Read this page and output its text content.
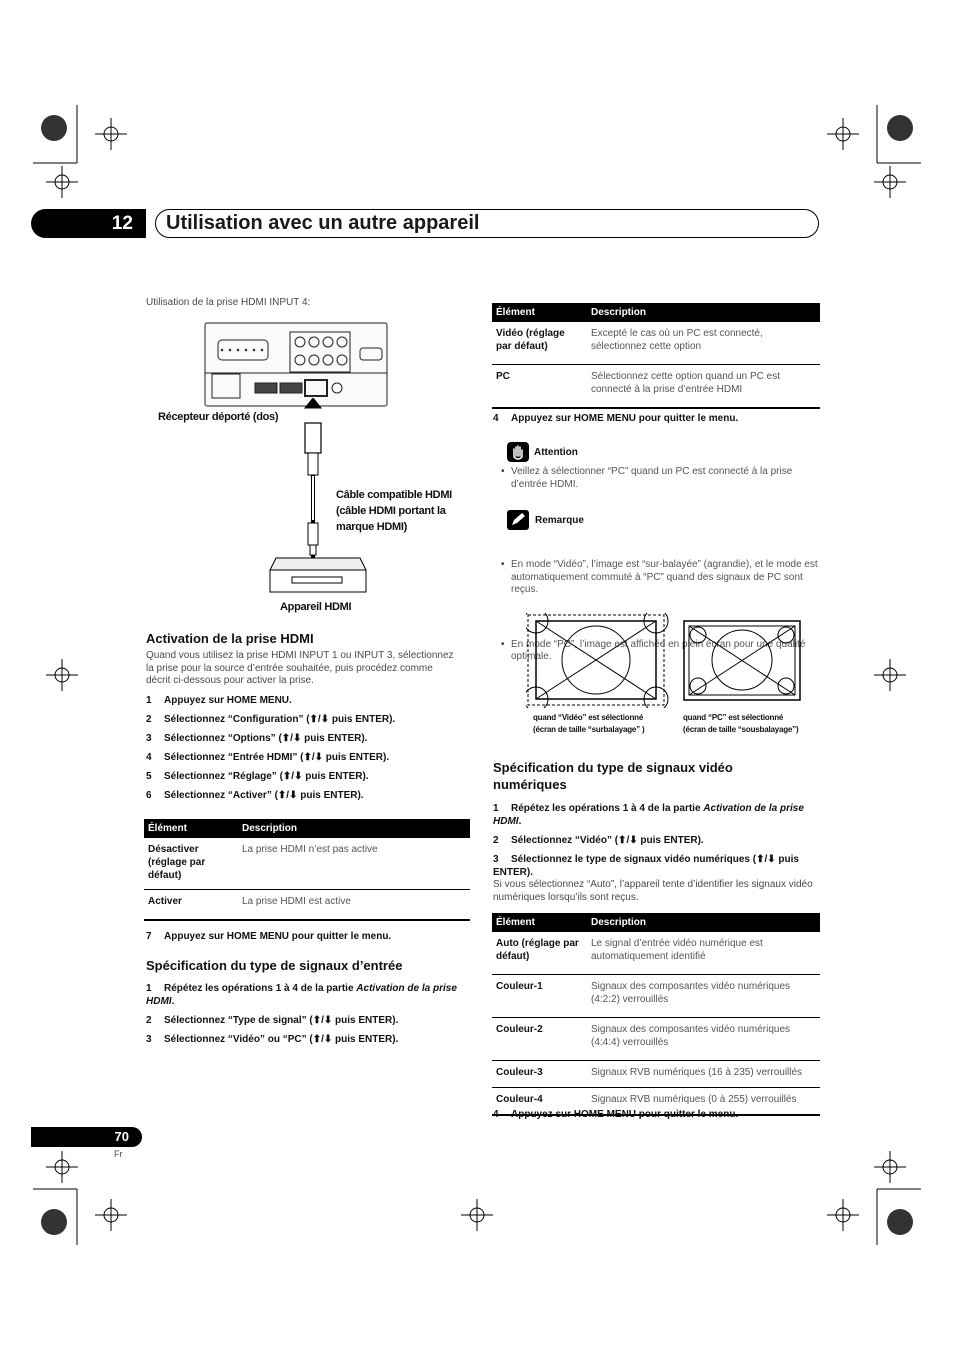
12	Utilisation avec un autre appareil
Utilisation de la prise HDMI INPUT 4:
Récepteur déporté (dos)
Câble compatible HDMI
(câble HDMI portant la
marque HDMI)
Appareil HDMI
Activation de la prise HDMI
Quand vous utilisez la prise HDMI INPUT 1 ou INPUT 3, sélectionnez la prise pour la source d’entrée souhaitée, puis procédez comme décrit ci-dessous pour activer la prise.
1 Appuyez sur HOME MENU.
2 Sélectionnez “Configuration” (⬆/⬇ puis ENTER).
3 Sélectionnez “Options” (⬆/⬇ puis ENTER).
4 Sélectionnez “Entrée HDMI” (⬆/⬇ puis ENTER).
5 Sélectionnez “Réglage” (⬆/⬇ puis ENTER).
6 Sélectionnez “Activer” (⬆/⬇ puis ENTER).
Élément	Description
Désactiver (réglage par défaut)	La prise HDMI n’est pas active
Activer	La prise HDMI est active
7 Appuyez sur HOME MENU pour quitter le menu.
Spécification du type de signaux d’entrée
1 Répétez les opérations 1 à 4 de la partie Activation de la prise HDMI.
2 Sélectionnez “Type de signal” (⬆/⬇ puis ENTER).
3 Sélectionnez “Vidéo” ou “PC” (⬆/⬇ puis ENTER).
Élément	Description
Vidéo (réglage par défaut)	Excepté le cas où un PC est connecté, sélectionnez cette option
PC	Sélectionnez cette option quand un PC est connecté à la prise d’entrée HDMI
4 Appuyez sur HOME MENU pour quitter le menu.
Attention
• Veillez à sélectionner “PC” quand un PC est connecté à la prise d’entrée HDMI.
Remarque
• En mode “Vidéo”, l’image est “sur-balayée” (agrandie), et le mode est automatiquement commuté à “PC” quand des signaux de PC sont reçus.
• En mode “PC”, l’image est affichée en plein écran pour une qualité optimale.
quand “Vidéo” est sélectionné
(écran de taille “surbalayage” )
quand “PC” est sélectionné
(écran de taille “sousbalayage”)
Spécification du type de signaux vidéo numériques
1 Répétez les opérations 1 à 4 de la partie Activation de la prise HDMI.
2 Sélectionnez “Vidéo” (⬆/⬇ puis ENTER).
3 Sélectionnez le type de signaux vidéo numériques (⬆/⬇ puis ENTER).
Si vous sélectionnez “Auto”, l’appareil tente d’identifier les signaux vidéo numériques lorsqu’ils sont reçus.
Élément	Description
Auto (réglage par défaut)	Le signal d’entrée vidéo numérique est automatiquement identifié
Couleur-1	Signaux des composantes vidéo numériques (4:2:2) verrouillés
Couleur-2	Signaux des composantes vidéo numériques (4:4:4) verrouillés
Couleur-3	Signaux RVB numériques (16 à 235) verrouillés
Couleur-4	Signaux RVB numériques (0 à 255) verrouillés
4 Appuyez sur HOME MENU pour quitter le menu.
70
Fr
